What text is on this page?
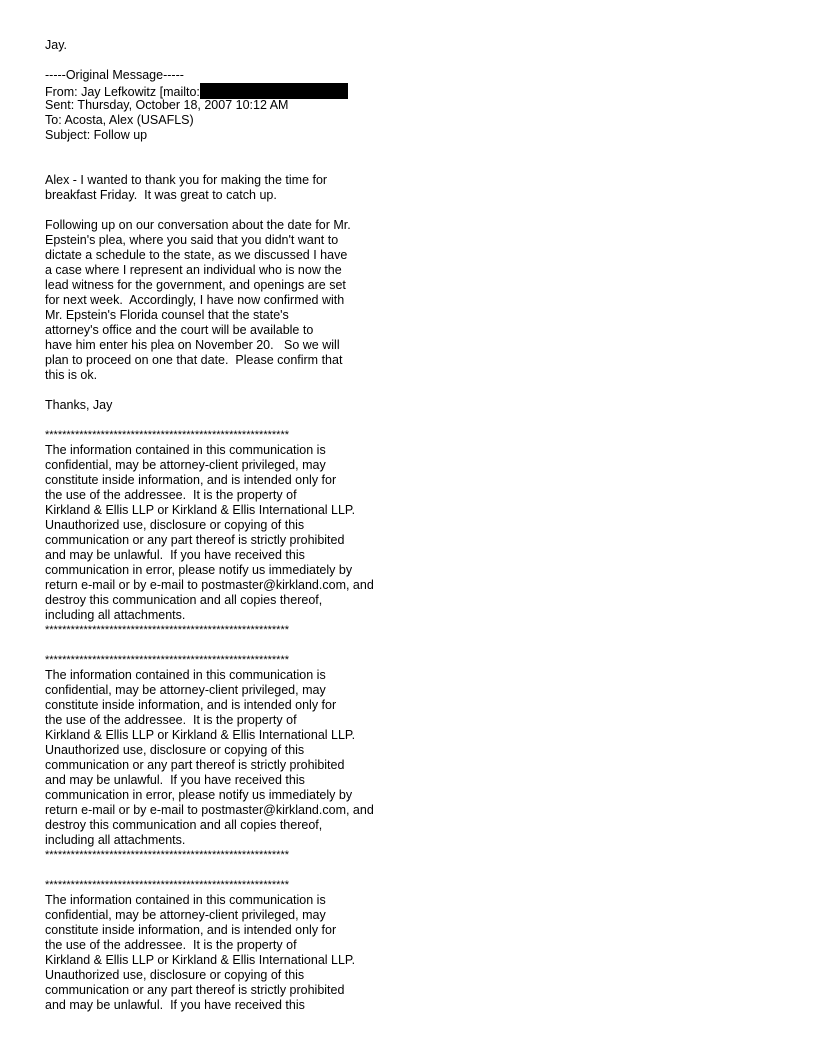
Jay.
-----Original Message-----
From: Jay Lefkowitz [mailto:
Sent: Thursday, October 18, 2007 10:12 AM
To: Acosta, Alex (USAFLS)
Subject: Follow up
Alex - I wanted to thank you for making the time for
breakfast Friday.  It was great to catch up.
Following up on our conversation about the date for Mr.
Epstein's plea, where you said that you didn't want to
dictate a schedule to the state, as we discussed I have
a case where I represent an individual who is now the
lead witness for the government, and openings are set
for next week.  Accordingly, I have now confirmed with
Mr. Epstein's Florida counsel that the state's
attorney's office and the court will be available to
have him enter his plea on November 20.   So we will
plan to proceed on one that date.  Please confirm that
this is ok.
Thanks, Jay
*********************************************************
The information contained in this communication is
confidential, may be attorney-client privileged, may
constitute inside information, and is intended only for
the use of the addressee.  It is the property of
Kirkland & Ellis LLP or Kirkland & Ellis International LLP.
Unauthorized use, disclosure or copying of this
communication or any part thereof is strictly prohibited
and may be unlawful.  If you have received this
communication in error, please notify us immediately by
return e-mail or by e-mail to postmaster@kirkland.com, and
destroy this communication and all copies thereof,
including all attachments.
*********************************************************
*********************************************************
The information contained in this communication is
confidential, may be attorney-client privileged, may
constitute inside information, and is intended only for
the use of the addressee.  It is the property of
Kirkland & Ellis LLP or Kirkland & Ellis International LLP.
Unauthorized use, disclosure or copying of this
communication or any part thereof is strictly prohibited
and may be unlawful.  If you have received this
communication in error, please notify us immediately by
return e-mail or by e-mail to postmaster@kirkland.com, and
destroy this communication and all copies thereof,
including all attachments.
*********************************************************
*********************************************************
The information contained in this communication is
confidential, may be attorney-client privileged, may
constitute inside information, and is intended only for
the use of the addressee.  It is the property of
Kirkland & Ellis LLP or Kirkland & Ellis International LLP.
Unauthorized use, disclosure or copying of this
communication or any part thereof is strictly prohibited
and may be unlawful.  If you have received this
